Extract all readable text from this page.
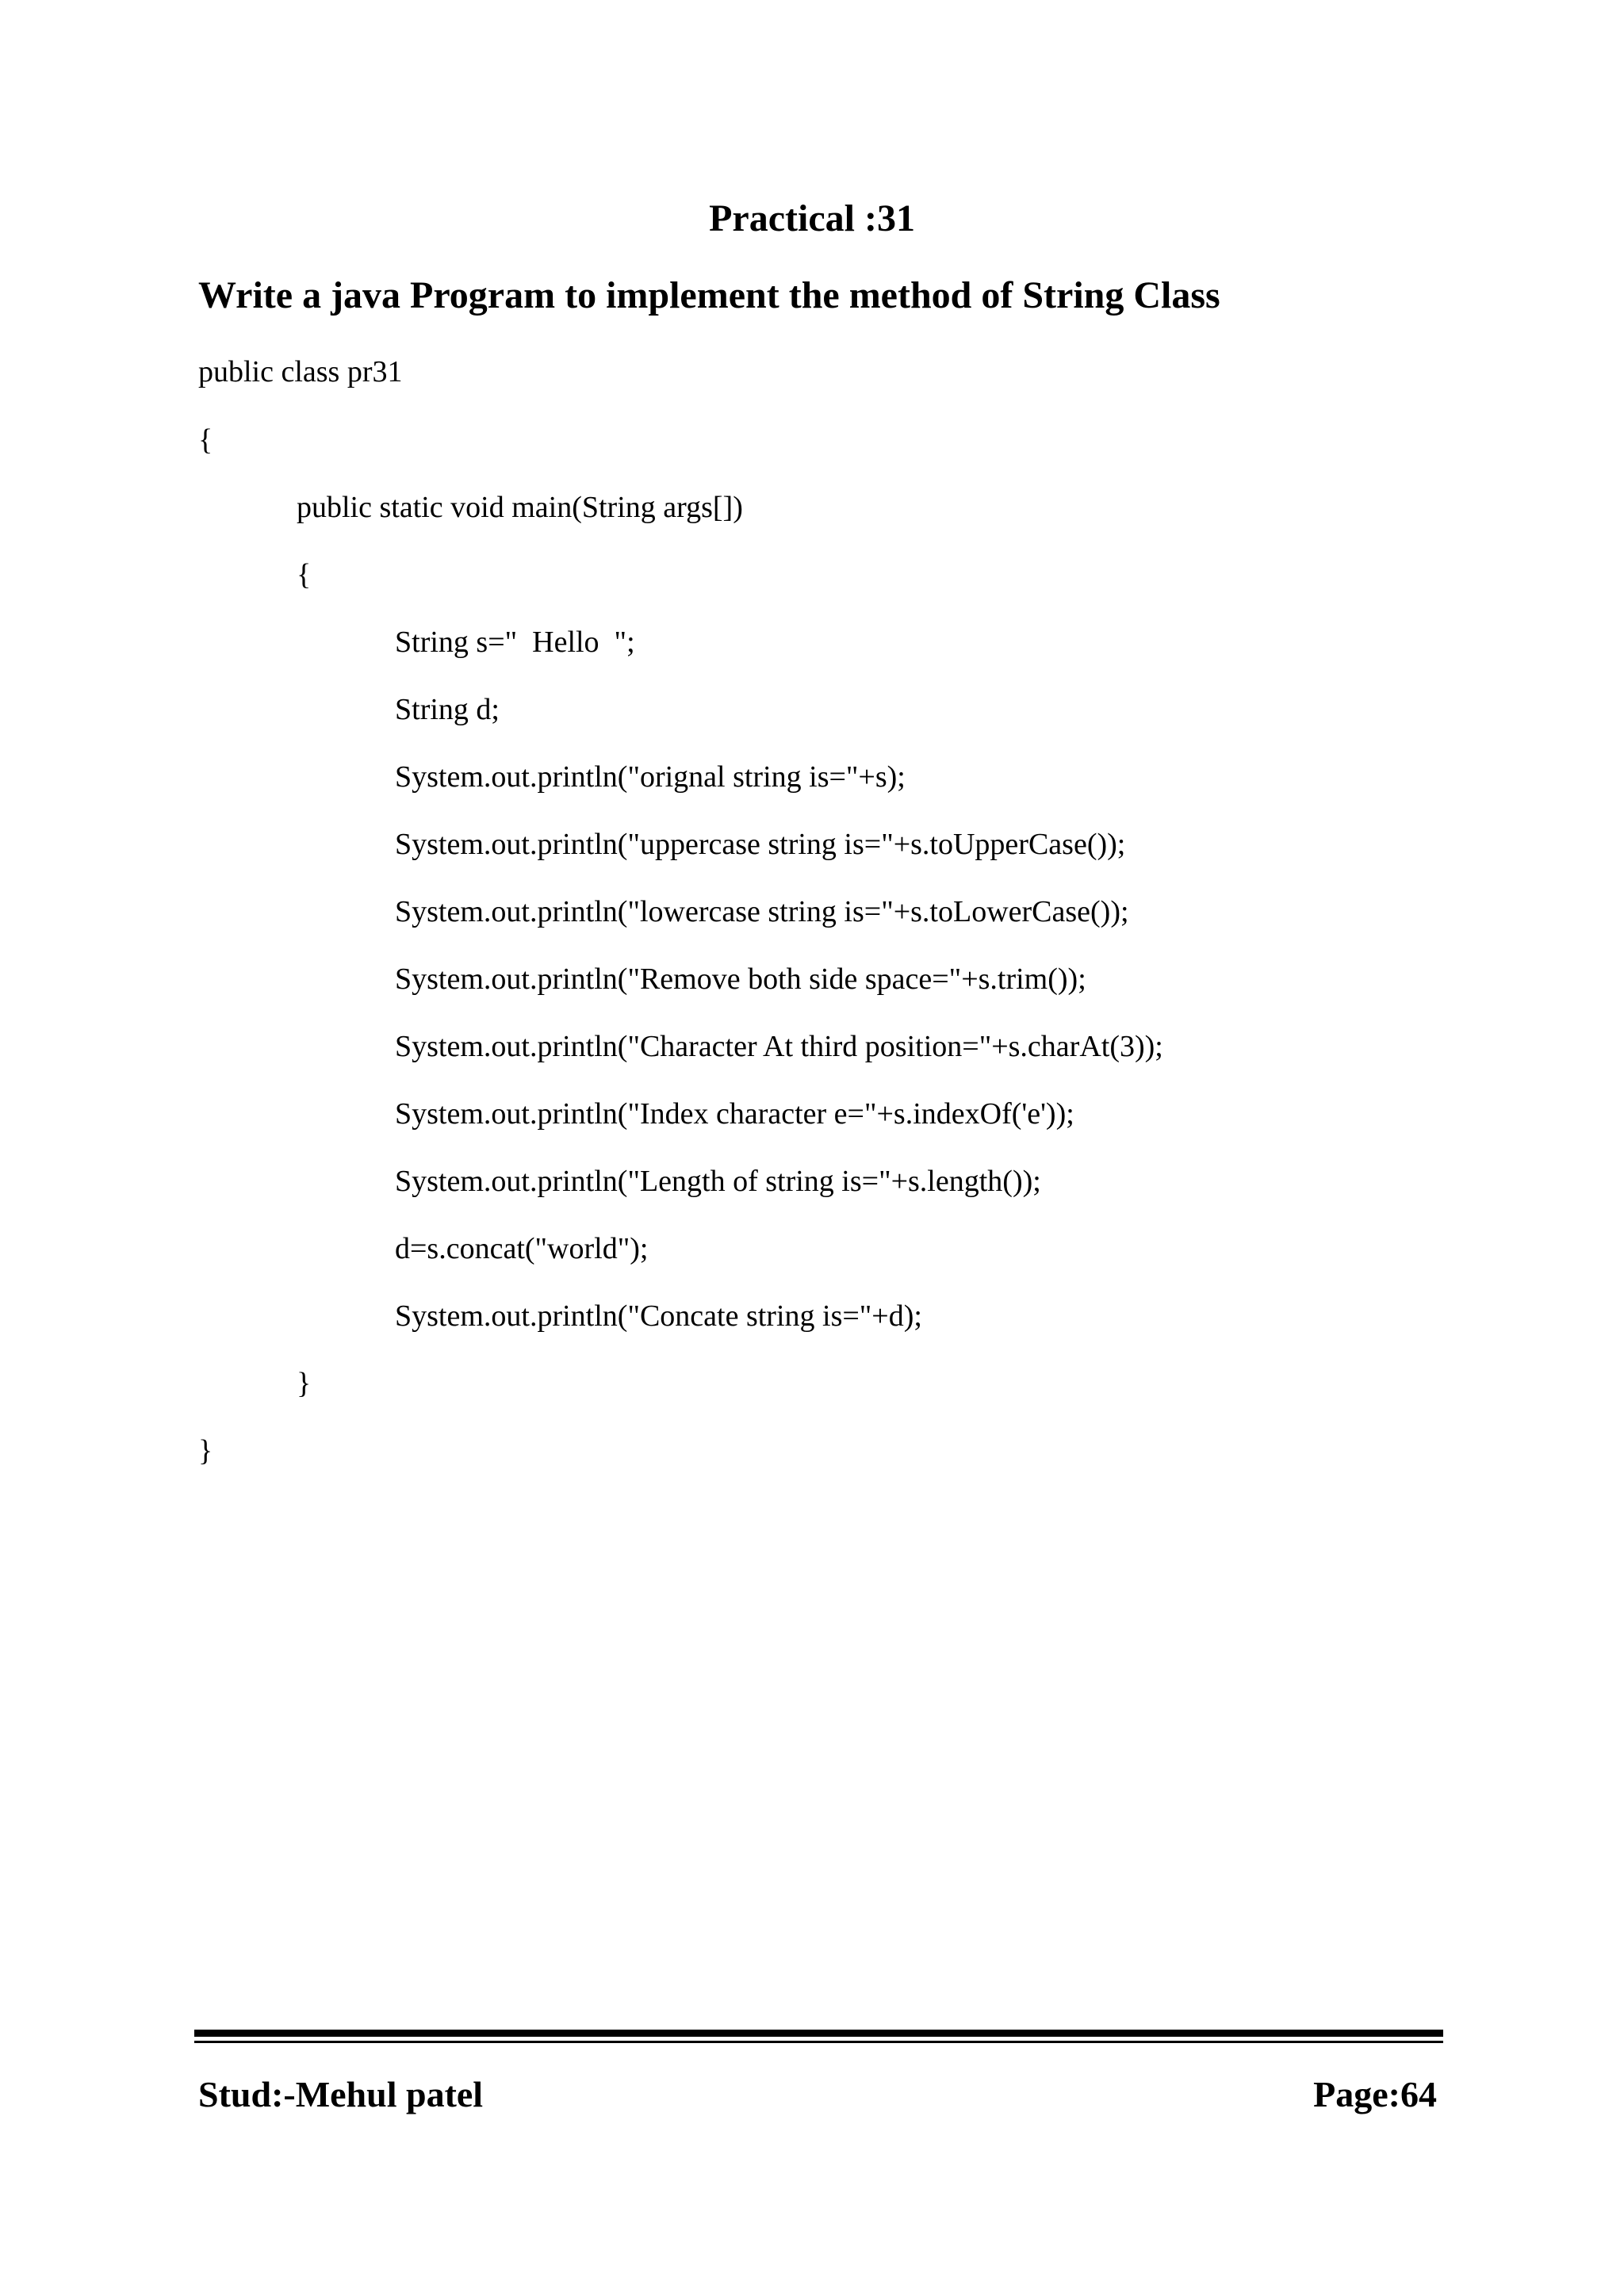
Practical :31
Write a java Program to implement the method of String Class
public class pr31
{
public static void main(String args[])
{
String s="  Hello  ";
String d;
System.out.println("orignal string is="+s);
System.out.println("uppercase string is="+s.toUpperCase());
System.out.println("lowercase string is="+s.toLowerCase());
System.out.println("Remove both side space="+s.trim());
System.out.println("Character At third position="+s.charAt(3));
System.out.println("Index character e="+s.indexOf('e'));
System.out.println("Length of string is="+s.length());
d=s.concat("world");
System.out.println("Concate string is="+d);
}
}
Stud:-Mehul patel	Page:64
